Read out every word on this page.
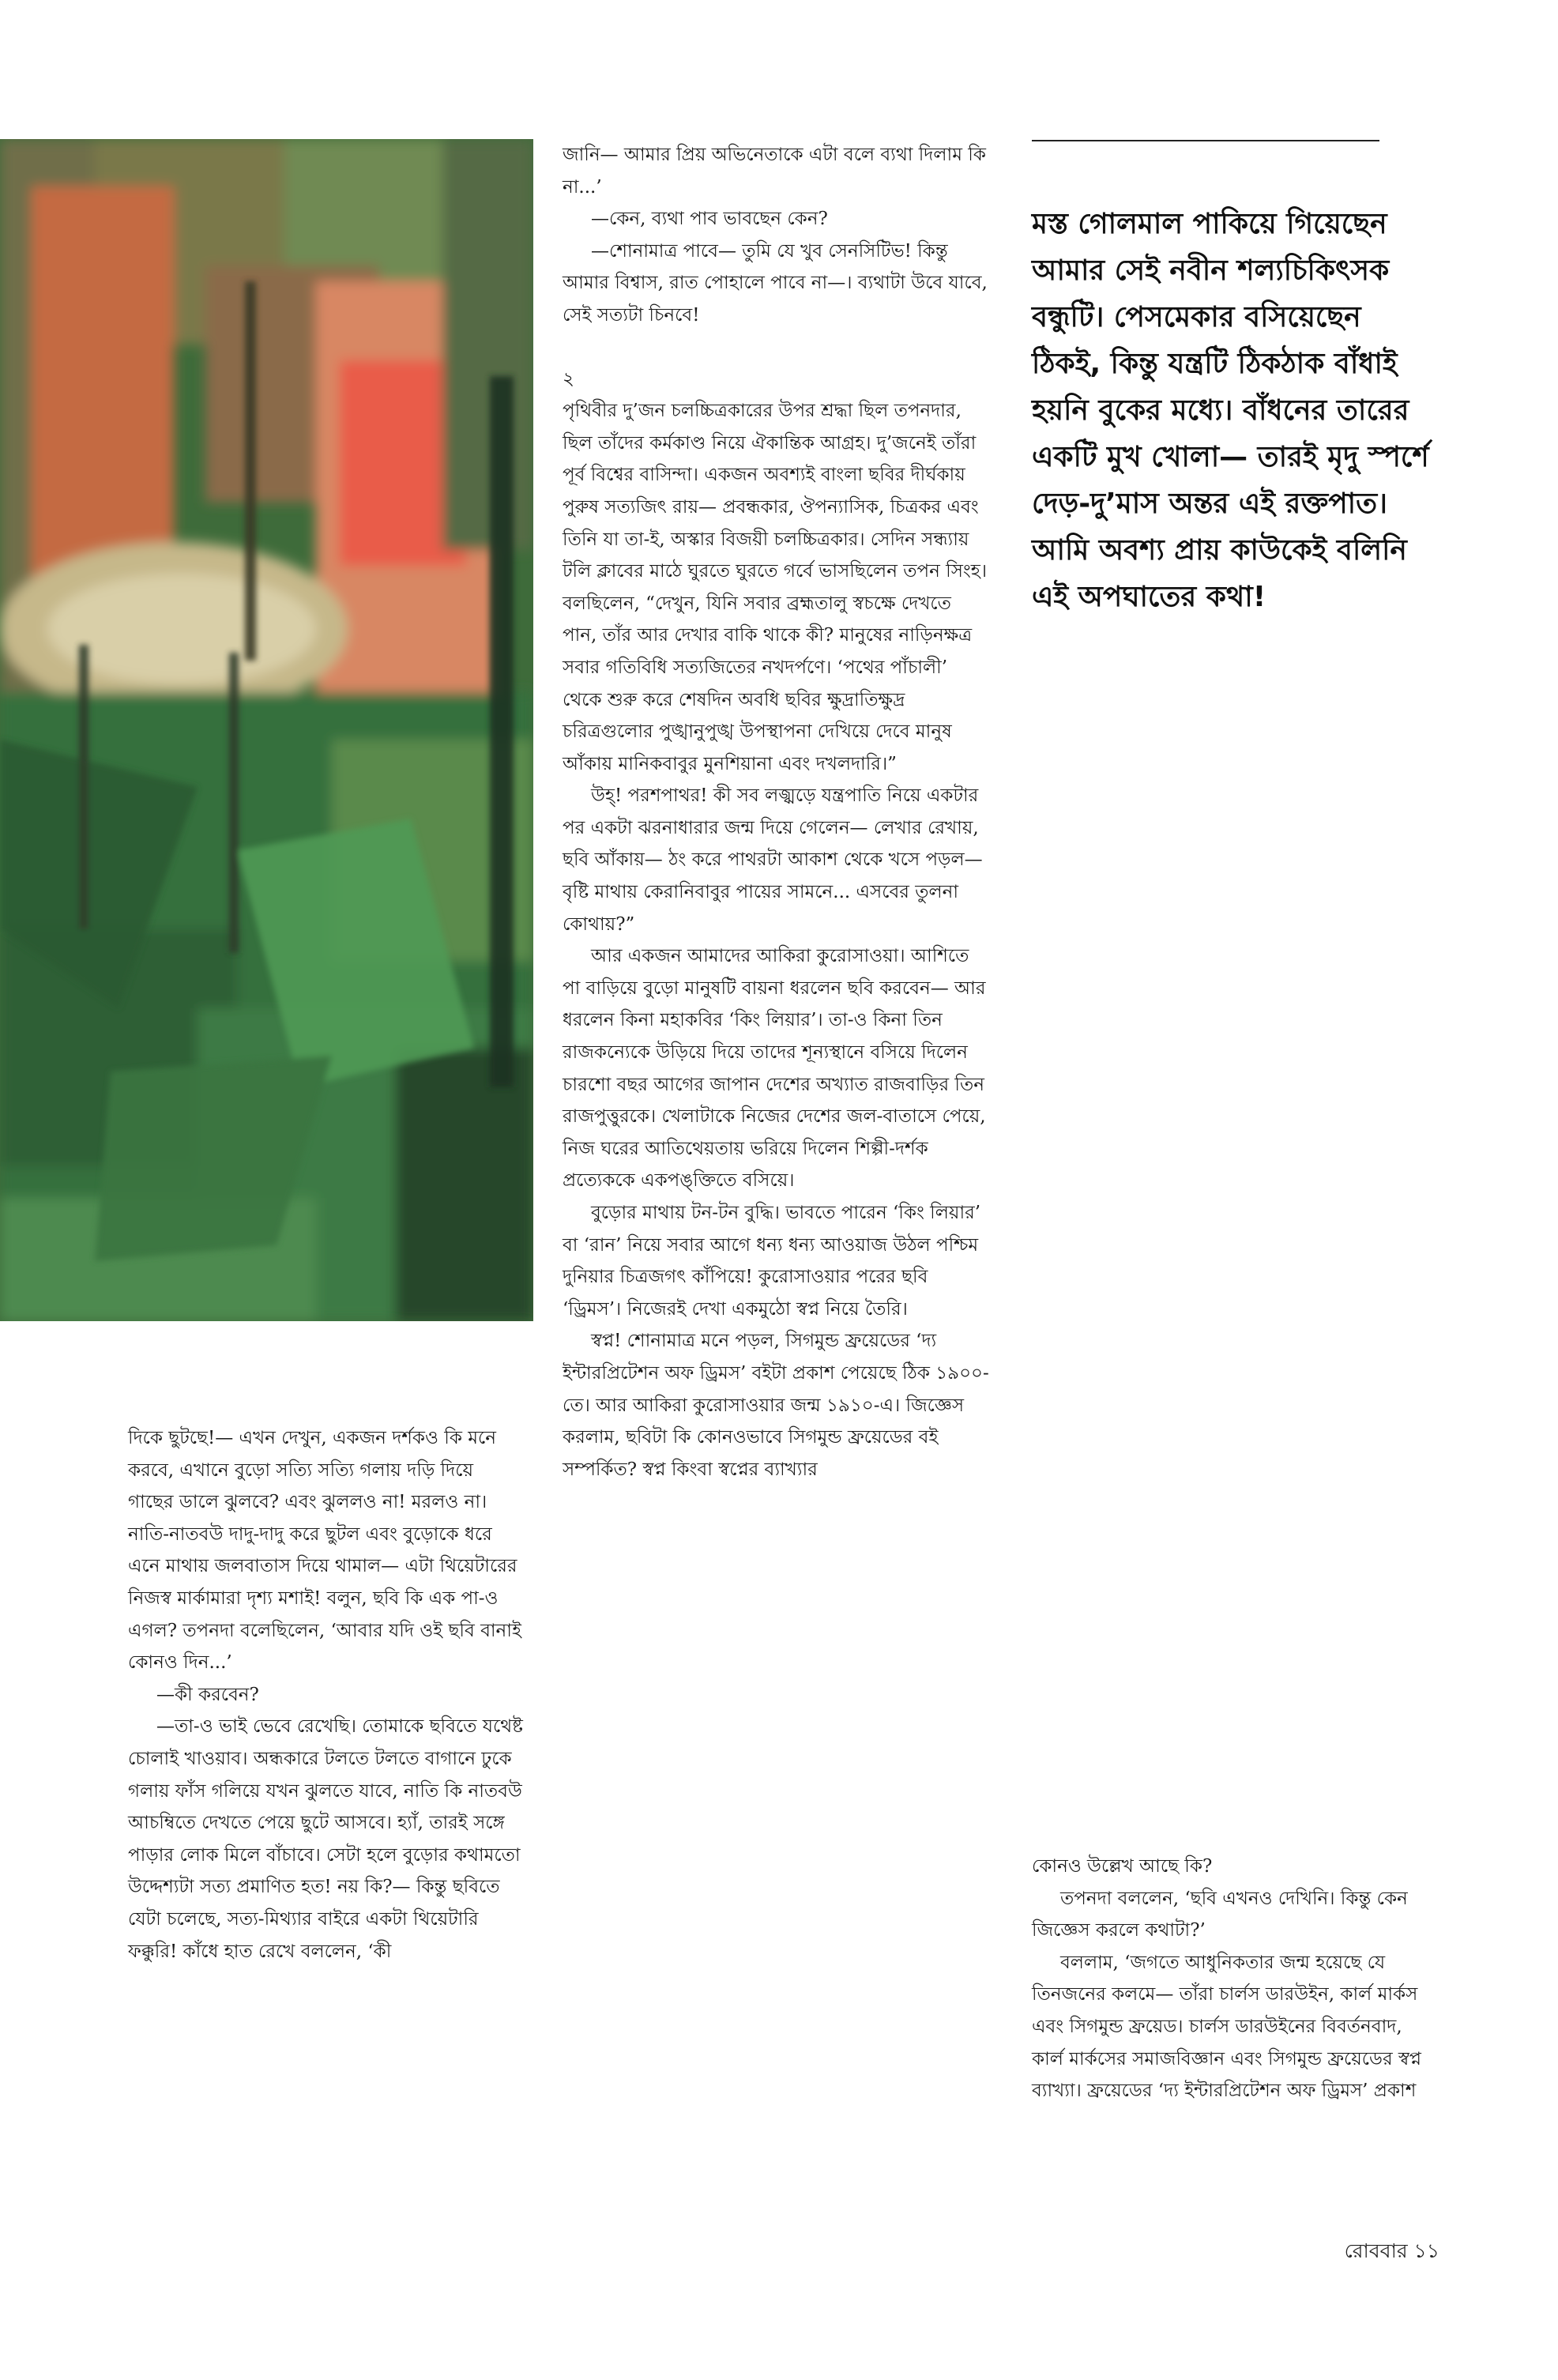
দিকে ছুটছে!— এখন দেখুন, একজন দর্শকও কি মনে করবে, এখানে বুড়ো সত্যি সত্যি গলায় দড়ি দিয়ে গাছের ডালে ঝুলবে? এবং ঝুললও না! মরলও না। নাতি-নাতবউ দাদু-দাদু করে ছুটল এবং বুড়োকে ধরে এনে মাথায় জলবাতাস দিয়ে থামাল— এটা থিয়েটারের নিজস্ব মার্কামারা দৃশ্য মশাই! বলুন, ছবি কি এক পা-ও এগল? তপনদা বলেছিলেন, ‘আবার যদি ওই ছবি বানাই কোনও দিন...’

—কী করবেন?

—তা-ও ভাই ভেবে রেখেছি। তোমাকে ছবিতে যথেষ্ট চোলাই খাওয়াব। অন্ধকারে টলতে টলতে বাগানে ঢুকে গলায় ফাঁস গলিয়ে যখন ঝুলতে যাবে, নাতি কি নাতবউ আচম্বিতে দেখতে পেয়ে ছুটে আসবে। হ্যাঁ, তারই সঙ্গে পাড়ার লোক মিলে বাঁচাবে। সেটা হলে বুড়োর কথামতো উদ্দেশ্যটা সত্য প্রমাণিত হত! নয় কি?— কিন্তু ছবিতে যেটা চলেছে, সত্য-মিথ্যার বাইরে একটা থিয়েটারি ফক্কুরি! কাঁধে হাত রেখে বললেন, ‘কী

জানি— আমার প্রিয় অভিনেতাকে এটা বলে ব্যথা দিলাম কি না...’

—কেন, ব্যথা পাব ভাবছেন কেন?

—শোনামাত্র পাবে— তুমি যে খুব সেনসিটিভ! কিন্তু আমার বিশ্বাস, রাত পোহালে পাবে না—। ব্যথাটা উবে যাবে, সেই সত্যটা চিনবে!

২

পৃথিবীর দু’জন চলচ্চিত্রকারের উপর শ্রদ্ধা ছিল তপনদার, ছিল তাঁদের কর্মকাণ্ড নিয়ে ঐকান্তিক আগ্রহ। দু’জনেই তাঁরা পূর্ব বিশ্বের বাসিন্দা। একজন অবশ্যই বাংলা ছবির দীর্ঘকায় পুরুষ সত্যজিৎ রায়— প্রবন্ধকার, ঔপন্যাসিক, চিত্রকর এবং তিনি যা তা-ই, অস্কার বিজয়ী চলচ্চিত্রকার। সেদিন সন্ধ্যায় টলি ক্লাবের মাঠে ঘুরতে ঘুরতে গর্বে ভাসছিলেন তপন সিংহ। বলছিলেন, “দেখুন, যিনি সবার ব্রহ্মতালু স্বচক্ষে দেখতে পান, তাঁর আর দেখার বাকি থাকে কী? মানুষের নাড়িনক্ষত্র সবার গতিবিধি সত্যজিতের নখদর্পণে। ‘পথের পাঁচালী’ থেকে শুরু করে শেষদিন অবধি ছবির ক্ষুদ্রাতিক্ষুদ্র চরিত্রগুলোর পুঙ্খানুপুঙ্খ উপস্থাপনা দেখিয়ে দেবে মানুষ আঁকায় মানিকবাবুর মুনশিয়ানা এবং দখলদারি।”

উহ্! পরশপাথর! কী সব লজ্ঝড়ে যন্ত্রপাতি নিয়ে একটার পর একটা ঝরনাধারার জন্ম দিয়ে গেলেন— লেখার রেখায়, ছবি আঁকায়— ঠং করে পাথরটা আকাশ থেকে খসে পড়ল— বৃষ্টি মাথায় কেরানিবাবুর পায়ের সামনে... এসবের তুলনা কোথায়?”

আর একজন আমাদের আকিরা কুরোসাওয়া। আশিতে পা বাড়িয়ে বুড়ো মানুষটি বায়না ধরলেন ছবি করবেন— আর ধরলেন কিনা মহাকবির ‘কিং লিয়ার’। তা-ও কিনা তিন রাজকন্যেকে উড়িয়ে দিয়ে তাদের শূন্যস্থানে বসিয়ে দিলেন চারশো বছর আগের জাপান দেশের অখ্যাত রাজবাড়ির তিন রাজপুত্তুরকে। খেলাটাকে নিজের দেশের জল-বাতাসে পেয়ে, নিজ ঘরের আতিথেয়তায় ভরিয়ে দিলেন শিল্পী-দর্শক প্রত্যেককে একপঙ্‌ক্তিতে বসিয়ে।

বুড়োর মাথায় টন-টন বুদ্ধি। ভাবতে পারেন ‘কিং লিয়ার’ বা ‘রান’ নিয়ে সবার আগে ধন্য ধন্য আওয়াজ উঠল পশ্চিম দুনিয়ার চিত্রজগৎ কাঁপিয়ে! কুরোসাওয়ার পরের ছবি ‘ড্রিমস’। নিজেরই দেখা একমুঠো স্বপ্ন নিয়ে তৈরি।

স্বপ্ন! শোনামাত্র মনে পড়ল, সিগমুন্ড ফ্রয়েডের ‘দ্য ইন্টারপ্রিটেশন অফ ড্রিমস’ বইটা প্রকাশ পেয়েছে ঠিক ১৯০০-তে। আর আকিরা কুরোসাওয়ার জন্ম ১৯১০-এ। জিজ্ঞেস করলাম, ছবিটা কি কোনওভাবে সিগমুন্ড ফ্রয়েডের বই সম্পর্কিত? স্বপ্ন কিংবা স্বপ্নের ব্যাখ্যার

মস্ত গোলমাল পাকিয়ে গিয়েছেন আমার সেই নবীন শল্যচিকিৎসক বন্ধুটি। পেসমেকার বসিয়েছেন ঠিকই, কিন্তু যন্ত্রটি ঠিকঠাক বাঁধাই হয়নি বুকের মধ্যে। বাঁধনের তারের একটি মুখ খোলা— তারই মৃদু স্পর্শে দেড়-দু’মাস অন্তর এই রক্তপাত। আমি অবশ্য প্রায় কাউকেই বলিনি এই অপঘাতের কথা!

কোনও উল্লেখ আছে কি?

তপনদা বললেন, ‘ছবি এখনও দেখিনি। কিন্তু কেন জিজ্ঞেস করলে কথাটা?’

বললাম, ‘জগতে আধুনিকতার জন্ম হয়েছে যে তিনজনের কলমে— তাঁরা চার্লস ডারউইন, কার্ল মার্কস এবং সিগমুন্ড ফ্রয়েড। চার্লস ডারউইনের বিবর্তনবাদ, কার্ল মার্কসের সমাজবিজ্ঞান এবং সিগমুন্ড ফ্রয়েডের স্বপ্ন ব্যাখ্যা। ফ্রয়েডের ‘দ্য ইন্টারপ্রিটেশন অফ ড্রিমস’ প্রকাশ

রোববার ১১
